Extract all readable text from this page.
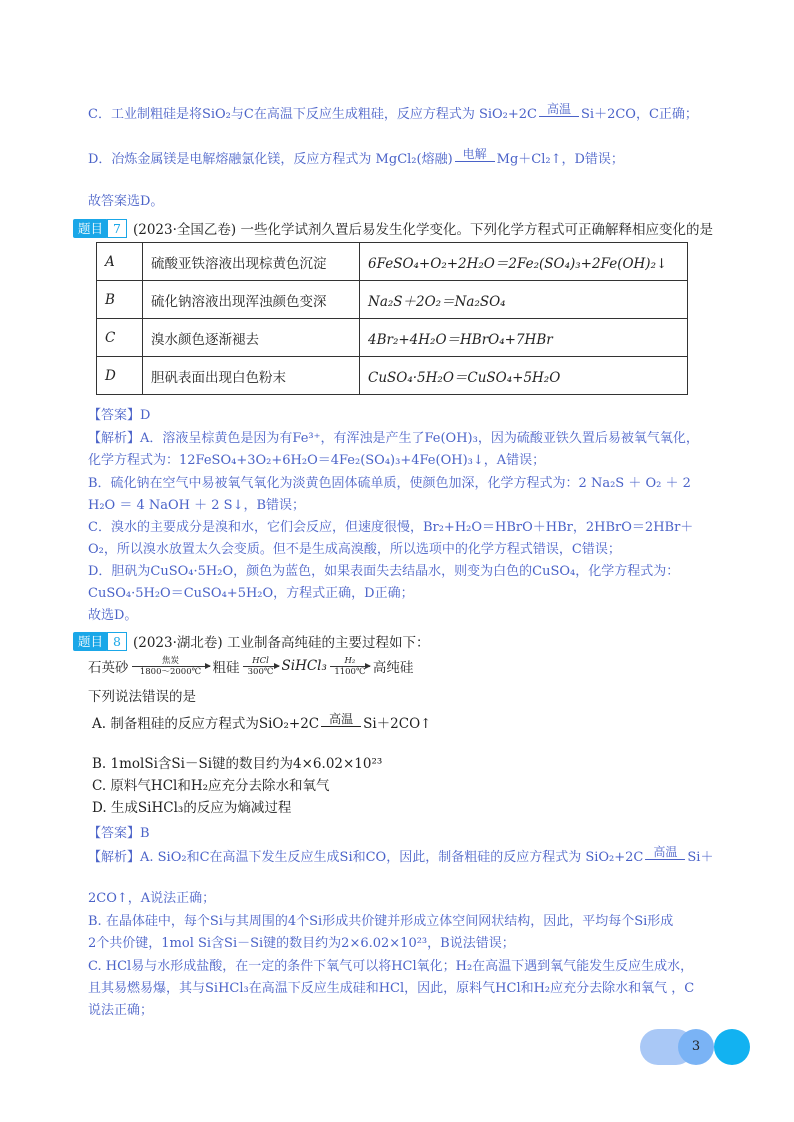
C．工业制粗硅是将SiO₂与C在高温下反应生成粗硅，反应方程式为 SiO₂+2C 高温 Si＋2CO，C正确；
D．冶炼金属镁是电解熔融氯化镁，反应方程式为 MgCl₂(熔融) 电解 Mg＋Cl₂↑，D错误；
故答案选D。
题目 7 (2023·全国乙卷) 一些化学试剂久置后易发生化学变化。下列化学方程式可正确解释相应变化的是
A	硫酸亚铁溶液出现棕黄色沉淀	6FeSO₄+O₂+2H₂O＝2Fe₂(SO₄)₃+2Fe(OH)₂↓
B	硫化钠溶液出现浑浊颜色变深	Na₂S＋2O₂＝Na₂SO₄
C	溴水颜色逐渐褪去	4Br₂+4H₂O＝HBrO₄+7HBr
D	胆矾表面出现白色粉末	CuSO₄·5H₂O＝CuSO₄+5H₂O
【答案】D
【解析】A．溶液呈棕黄色是因为有Fe³⁺，有浑浊是产生了Fe(OH)₃，因为硫酸亚铁久置后易被氧气氧化，
化学方程式为：12FeSO₄+3O₂+6H₂O＝4Fe₂(SO₄)₃+4Fe(OH)₃↓，A错误；
B．硫化钠在空气中易被氧气氧化为淡黄色固体硫单质，使颜色加深，化学方程式为：2 Na₂S ＋ O₂ ＋ 2
H₂O ＝ 4 NaOH ＋ 2 S↓，B错误；
C．溴水的主要成分是溴和水，它们会反应，但速度很慢，Br₂+H₂O＝HBrO＋HBr，2HBrO＝2HBr＋
O₂，所以溴水放置太久会变质。但不是生成高溴酸，所以选项中的化学方程式错误，C错误；
D．胆矾为CuSO₄·5H₂O，颜色为蓝色，如果表面失去结晶水，则变为白色的CuSO₄，化学方程式为：
CuSO₄·5H₂O＝CuSO₄+5H₂O，方程式正确，D正确；
故选D。
题目 8 (2023·湖北卷) 工业制备高纯硅的主要过程如下：
石英砂	焦炭
1800～2000℃ 粗硅 HCl
300℃ SiHCl₃ H₂
1100℃ 高纯硅
下列说法错误的是
A. 制备粗硅的反应方程式为SiO₂+2C 高温 Si＋2CO↑
B. 1molSi含Si－Si键的数目约为4×6.02×10²³
C. 原料气HCl和H₂应充分去除水和氧气
D. 生成SiHCl₃的反应为熵减过程
【答案】B
【解析】A. SiO₂和C在高温下发生反应生成Si和CO，因此，制备粗硅的反应方程式为 SiO₂+2C 高温 Si＋
2CO↑，A说法正确；
B. 在晶体硅中，每个Si与其周围的4个Si形成共价键并形成立体空间网状结构，因此，平均每个Si形成
2个共价键，1mol Si含Si－Si键的数目约为2×6.02×10²³，B说法错误；
C. HCl易与水形成盐酸，在一定的条件下氧气可以将HCl氧化；H₂在高温下遇到氧气能发生反应生成水，
且其易燃易爆，其与SiHCl₃在高温下反应生成硅和HCl，因此，原料气HCl和H₂应充分去除水和氧气 ，C
说法正确；
3
